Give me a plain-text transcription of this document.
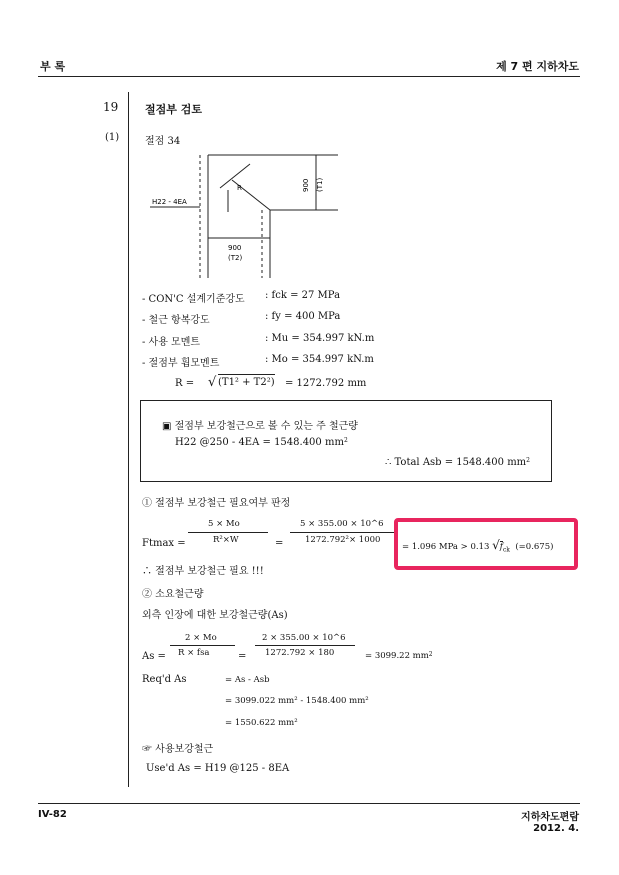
부 록	제 7 편 지하차도
19 절점부 검토
(1)	절점 34
H22 - 4EA
R	900 (T1)
900
(T2)
- CON'C 설계기준강도 : fck = 27 MPa
- 철근 항복강도	: fy = 400 MPa
- 사용 모멘트	: Mu = 354.997 kN.m
- 절점부 휨모멘트	: Mo = 354.997 kN.m
R = √ (T1² + T2²) = 1272.792 mm
▣ 절점부 보강철근으로 볼 수 있는 주 철근량
H22 @250 - 4EA = 1548.400 $mm^2$
∴ Total Asb = 1548.400 $mm^2$
① 절점부 보강철근 필요여부 판정
Ftmax =
5 × Mo
R²×W	=
5 × 355.00 × 10^6
1272.792²× 1000
= 1.096 MPa > 0.13 $√f_{ck}$ (=0.675)
∴ 절점부 보강철근 필요 !!!
② 소요철근량
외측 인장에 대한 보강철근량(As)
As =
2 × Mo
R × fsa	=
2 × 355.00 × 10^6
1272.792 × 180	= 3099.22 $mm^2$
Req'd As	= As - Asb
= 3099.022 mm² - 1548.400 mm²
= 1550.622 mm²
☞ 사용보강철근
Use'd As = H19 @125 - 8EA
IV-82	지하차도편람
2012. 4.
